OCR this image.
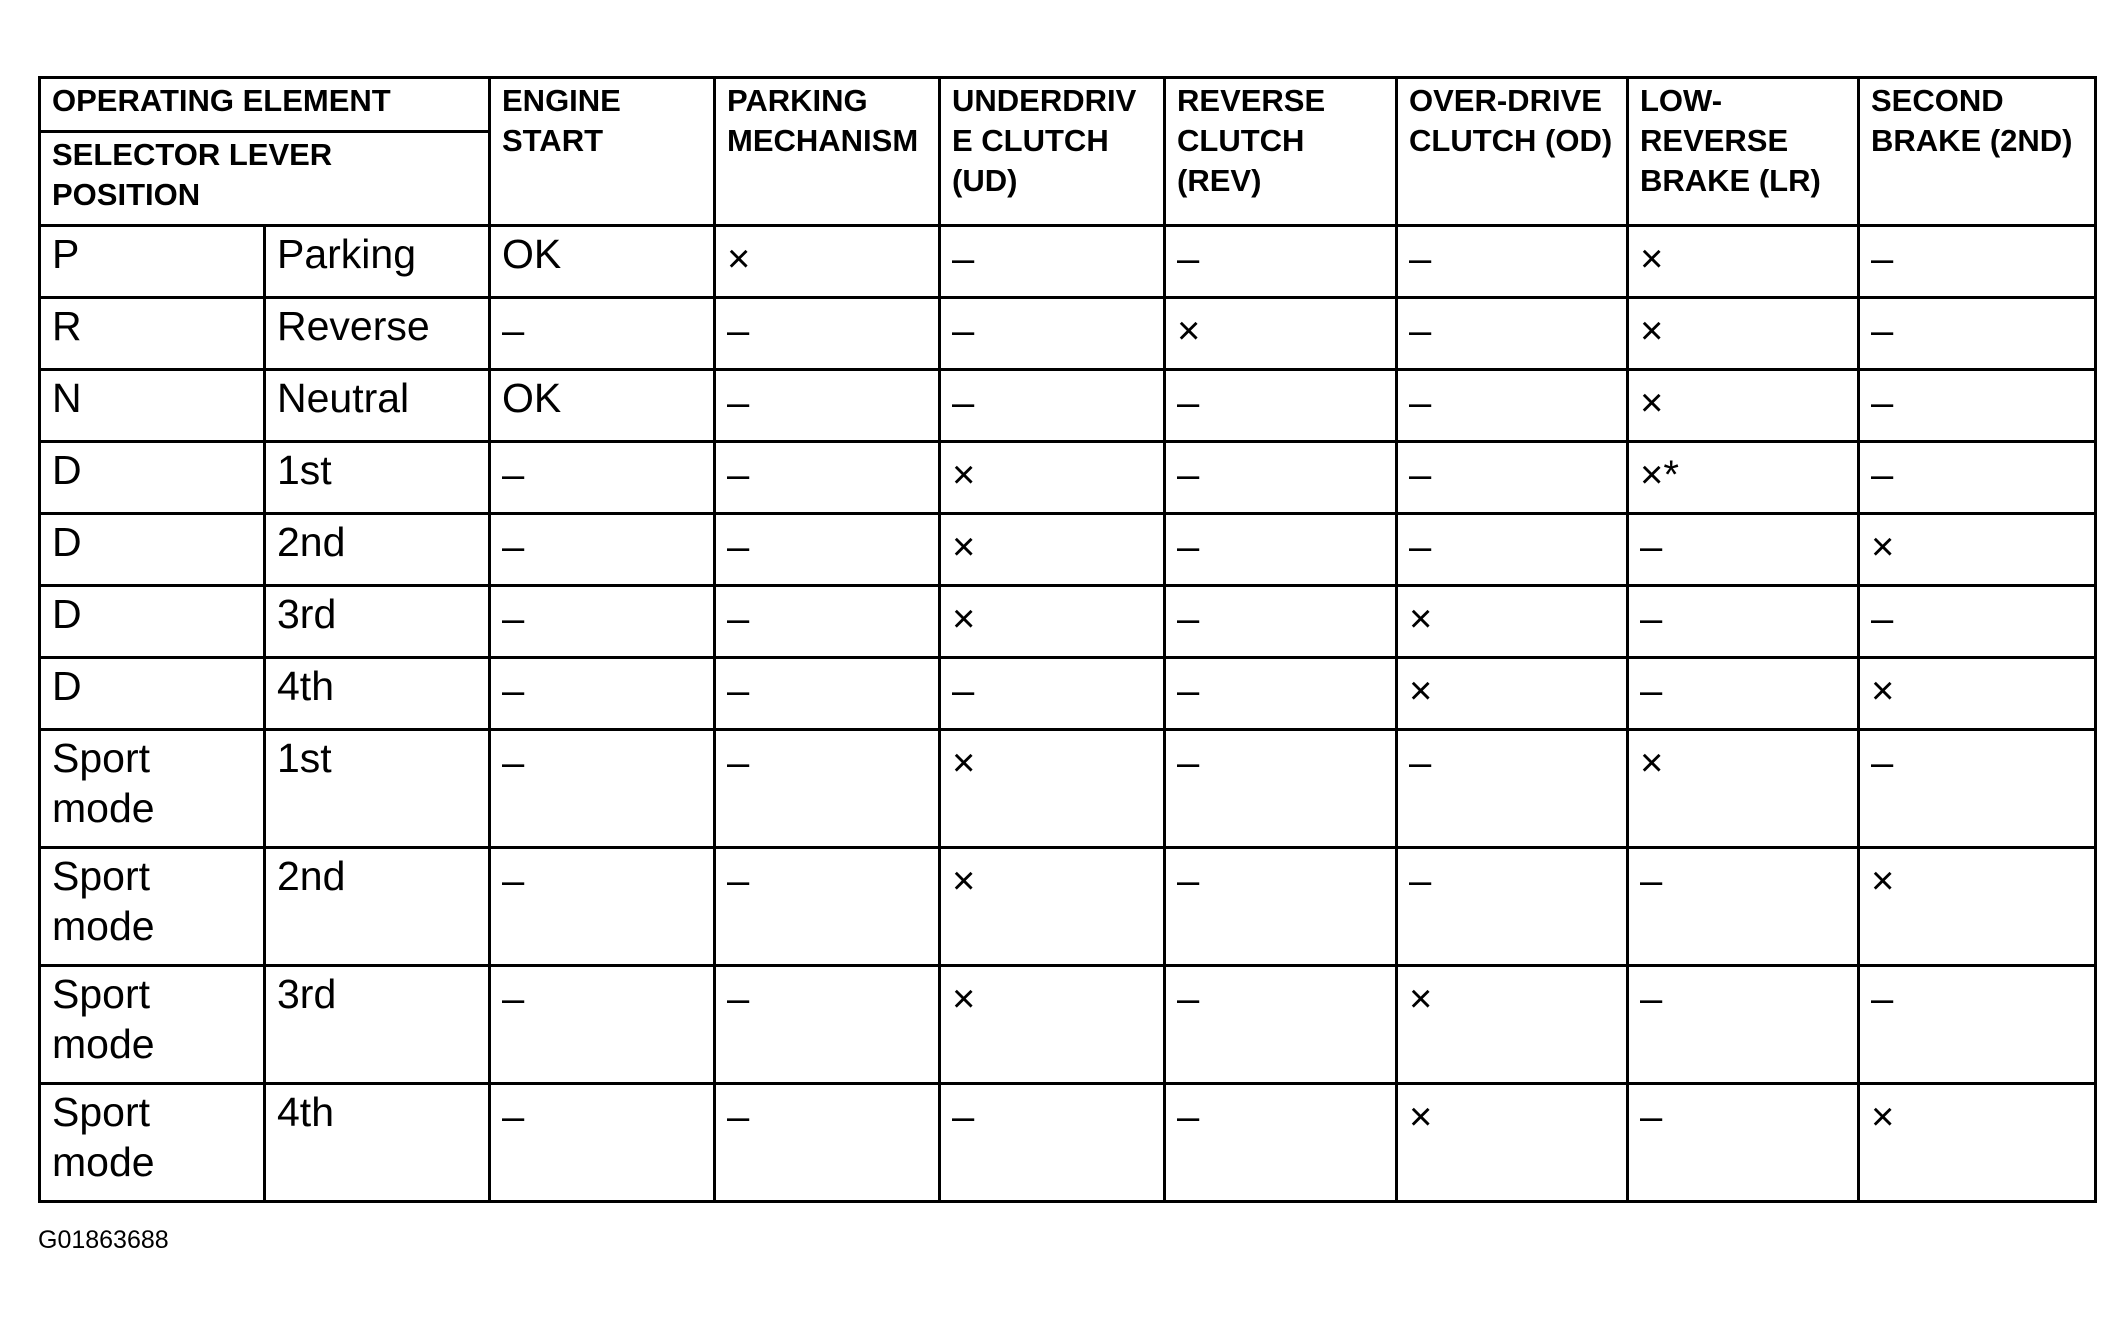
OPERATING ELEMENT		ENGINE START	PARKING MECHANISM	UNDERDRIV E CLUTCH (UD)	REVERSE CLUTCH (REV)	OVER-DRIVE CLUTCH (OD)	LOW-REVERSE BRAKE (LR)	SECOND BRAKE (2ND)
SELECTOR LEVER POSITION								
P	Parking	OK	×	–	–	–	×	–
R	Reverse	–	–	–	×	–	×	–
N	Neutral	OK	–	–	–	–	×	–
D	1st	–	–	×	–	–	×*	–
D	2nd	–	–	×	–	–	–	×
D	3rd	–	–	×	–	×	–	–
D	4th	–	–	–	–	×	–	×
Sport mode	1st	–	–	×	–	–	×	–
Sport mode	2nd	–	–	×	–	–	–	×
Sport mode	3rd	–	–	×	–	×	–	–
Sport mode	4th	–	–	–	–	×	–	×
G01863688
